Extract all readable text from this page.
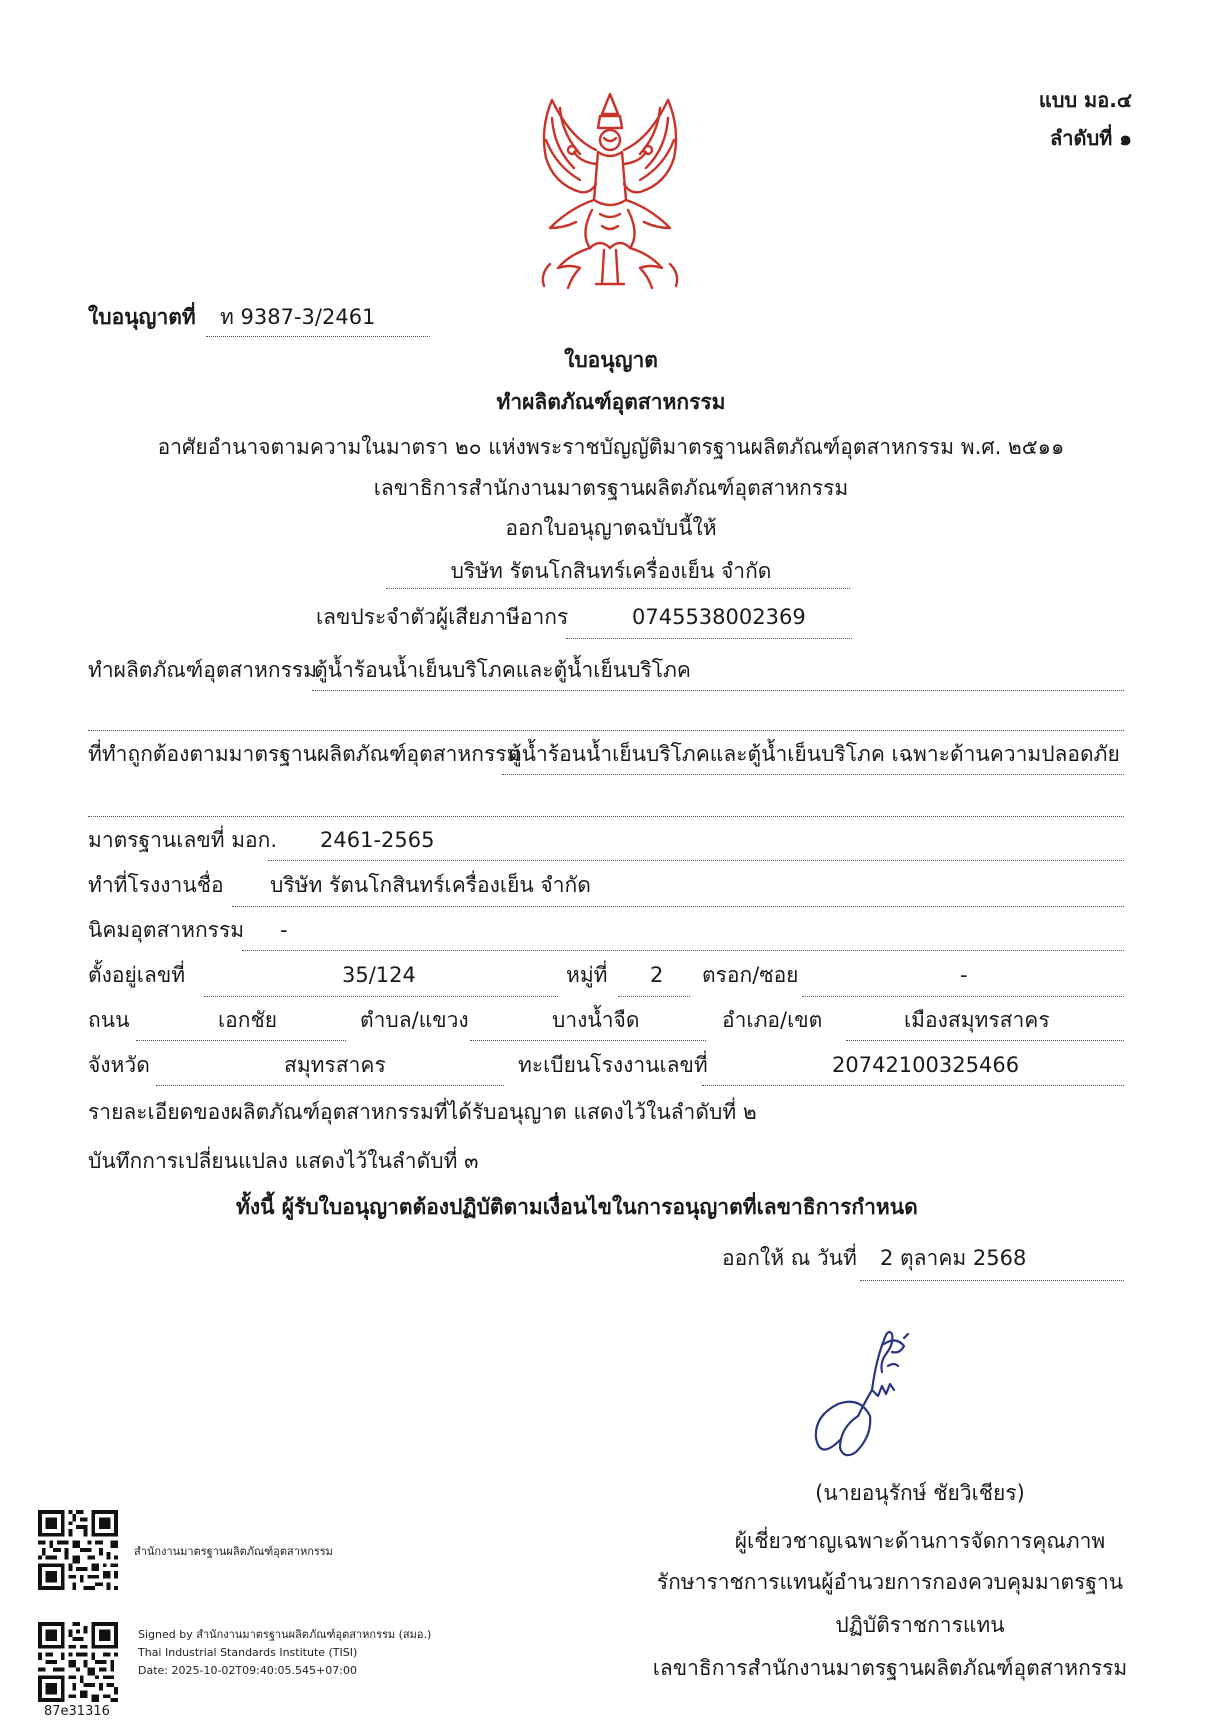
แบบ มอ.๔
ลำดับที่ ๑
ใบอนุญาตที่ ท 9387-3/2461
ใบอนุญาต
ทำผลิตภัณฑ์อุตสาหกรรม
อาศัยอำนาจตามความในมาตรา ๒๐ แห่งพระราชบัญญัติมาตรฐานผลิตภัณฑ์อุตสาหกรรม พ.ศ. ๒๕๑๑
เลขาธิการสำนักงานมาตรฐานผลิตภัณฑ์อุตสาหกรรม
ออกใบอนุญาตฉบับนี้ให้
บริษัท รัตนโกสินทร์เครื่องเย็น จำกัด
เลขประจำตัวผู้เสียภาษีอากร	0745538002369
ทำผลิตภัณฑ์อุตสาหกรรม
ตู้น้ำร้อนน้ำเย็นบริโภคและตู้น้ำเย็นบริโภค
ที่ทำถูกต้องตามมาตรฐานผลิตภัณฑ์อุตสาหกรรม
ตู้น้ำร้อนน้ำเย็นบริโภคและตู้น้ำเย็นบริโภค เฉพาะด้านความปลอดภัย
มาตรฐานเลขที่ มอก. 2461-2565
ทำที่โรงงานชื่อ บริษัท รัตนโกสินทร์เครื่องเย็น จำกัด
นิคมอุตสาหกรรม -
ตั้งอยู่เลขที่	35/124	หมู่ที่ 2 ตรอก/ซอย	-
ถนน	เอกชัย	ตำบล/แขวง	บางน้ำจืด	อำเภอ/เขต	เมืองสมุทรสาคร
จังหวัด	สมุทรสาคร	ทะเบียนโรงงานเลขที่	20742100325466
รายละเอียดของผลิตภัณฑ์อุตสาหกรรมที่ได้รับอนุญาต แสดงไว้ในลำดับที่ ๒
บันทึกการเปลี่ยนแปลง แสดงไว้ในลำดับที่ ๓
ทั้งนี้ ผู้รับใบอนุญาตต้องปฏิบัติตามเงื่อนไขในการอนุญาตที่เลขาธิการกำหนด
ออกให้ ณ วันที่ 2 ตุลาคม 2568
(นายอนุรักษ์ ชัยวิเชียร)
ผู้เชี่ยวชาญเฉพาะด้านการจัดการคุณภาพ
รักษาราชการแทนผู้อำนวยการกองควบคุมมาตรฐาน
ปฏิบัติราชการแทน
เลขาธิการสำนักงานมาตรฐานผลิตภัณฑ์อุตสาหกรรม
สำนักงานมาตรฐานผลิตภัณฑ์อุตสาหกรรม
Signed by สำนักงานมาตรฐานผลิตภัณฑ์อุตสาหกรรม (สมอ.)
Thai Industrial Standards Institute (TISI)
Date: 2025-10-02T09:40:05.545+07:00
87e31316
